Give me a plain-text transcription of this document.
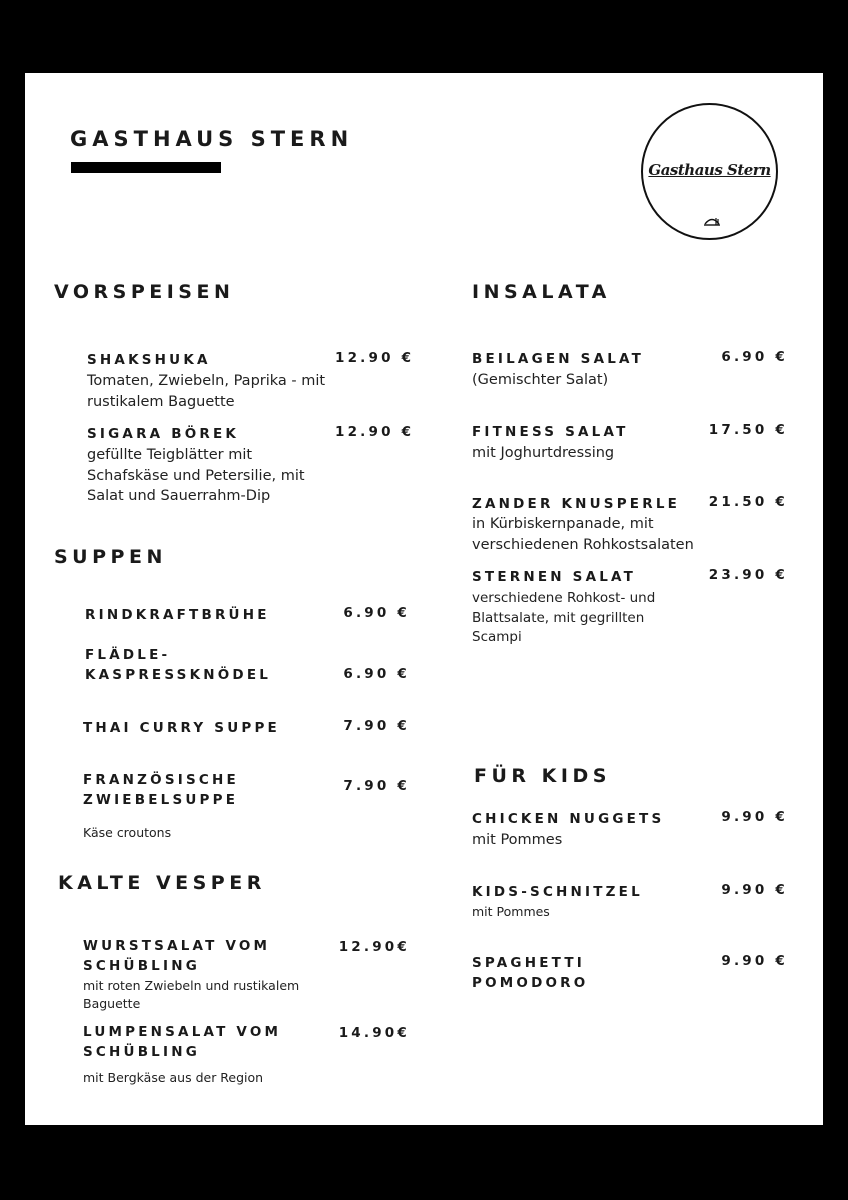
GASTHAUS STERN
Gasthaus Stern
VORSPEISEN
SHAKSHUKA	12.90 €
Tomaten, Zwiebeln, Paprika - mit rustikalem Baguette
SIGARA BÖREK	12.90 €
gefüllte Teigblätter mit Schafskäse und Petersilie, mit Salat und Sauerrahm-Dip
SUPPEN
RINDKRAFTBRÜHE	6.90 €
FLÄDLE-KASPRESSKNÖDEL	6.90 €
THAI CURRY SUPPE	7.90 €
FRANZÖSISCHE ZWIEBELSUPPE
7.90 €
Käse croutons
KALTE VESPER
WURSTSALAT VOM SCHÜBLING
12.90€
mit roten Zwiebeln und rustikalem Baguette
LUMPENSALAT VOM SCHÜBLING
14.90€
mit Bergkäse aus der Region
INSALATA
BEILAGEN SALAT	6.90 €
(Gemischter Salat)
FITNESS SALAT	17.50 €
mit Joghurtdressing
ZANDER KNUSPERLE 21.50 €
in Kürbiskernpanade, mit verschiedenen Rohkostsalaten
STERNEN SALAT	23.90 €
verschiedene Rohkost- und Blattsalate, mit gegrillten Scampi
FÜR KIDS
CHICKEN NUGGETS	9.90 €
mit Pommes
KIDS-SCHNITZEL	9.90 €
mit Pommes
SPAGHETTI POMODORO
9.90 €
